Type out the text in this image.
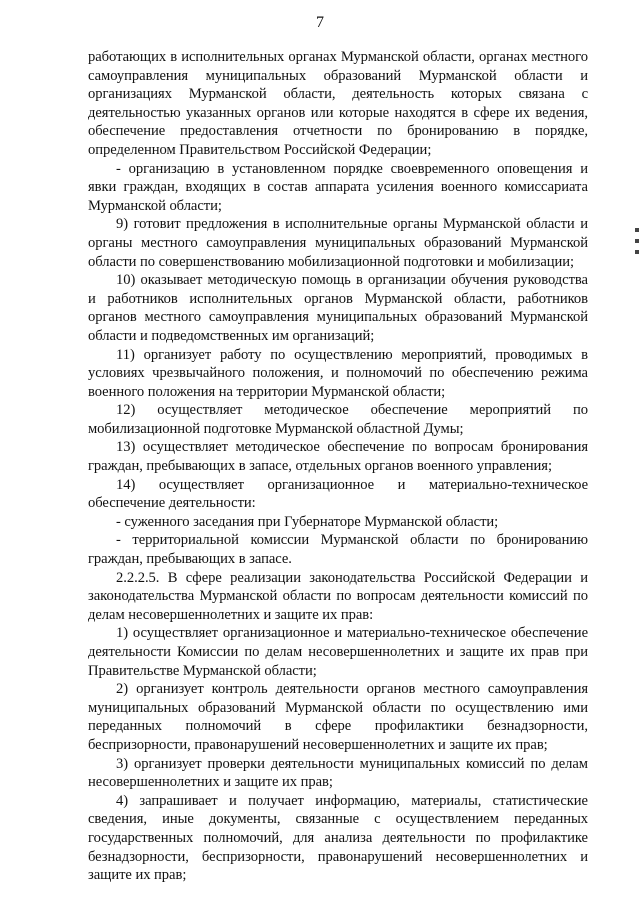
7

работающих в исполнительных органах Мурманской области, органах местного самоуправления муниципальных образований Мурманской области и организациях Мурманской области, деятельность которых связана с деятельностью указанных органов или которые находятся в сфере их ведения, обеспечение предоставления отчетности по бронированию в порядке, определенном Правительством Российской Федерации;

- организацию в установленном порядке своевременного оповещения и явки граждан, входящих в состав аппарата усиления военного комиссариата Мурманской области;

9) готовит предложения в исполнительные органы Мурманской области и органы местного самоуправления муниципальных образований Мурманской области по совершенствованию мобилизационной подготовки и мобилизации;

10) оказывает методическую помощь в организации обучения руководства и работников исполнительных органов Мурманской области, работников органов местного самоуправления муниципальных образований Мурманской области и подведомственных им организаций;

11) организует работу по осуществлению мероприятий, проводимых в условиях чрезвычайного положения, и полномочий по обеспечению режима военного положения на территории Мурманской области;

12) осуществляет методическое обеспечение мероприятий по мобилизационной подготовке Мурманской областной Думы;

13) осуществляет методическое обеспечение по вопросам бронирования граждан, пребывающих в запасе, отдельных органов военного управления;

14) осуществляет организационное и материально-техническое обеспечение деятельности:

- суженного заседания при Губернаторе Мурманской области;

- территориальной комиссии Мурманской области по бронированию граждан, пребывающих в запасе.

2.2.2.5. В сфере реализации законодательства Российской Федерации и законодательства Мурманской области по вопросам деятельности комиссий по делам несовершеннолетних и защите их прав:

1) осуществляет организационное и материально-техническое обеспечение деятельности Комиссии по делам несовершеннолетних и защите их прав при Правительстве Мурманской области;

2) организует контроль деятельности органов местного самоуправления муниципальных образований Мурманской области по осуществлению ими переданных полномочий в сфере профилактики безнадзорности, беспризорности, правонарушений несовершеннолетних и защите их прав;

3) организует проверки деятельности муниципальных комиссий по делам несовершеннолетних и защите их прав;

4) запрашивает и получает информацию, материалы, статистические сведения, иные документы, связанные с осуществлением переданных государственных полномочий, для анализа деятельности по профилактике безнадзорности, беспризорности, правонарушений несовершеннолетних и защите их прав;
